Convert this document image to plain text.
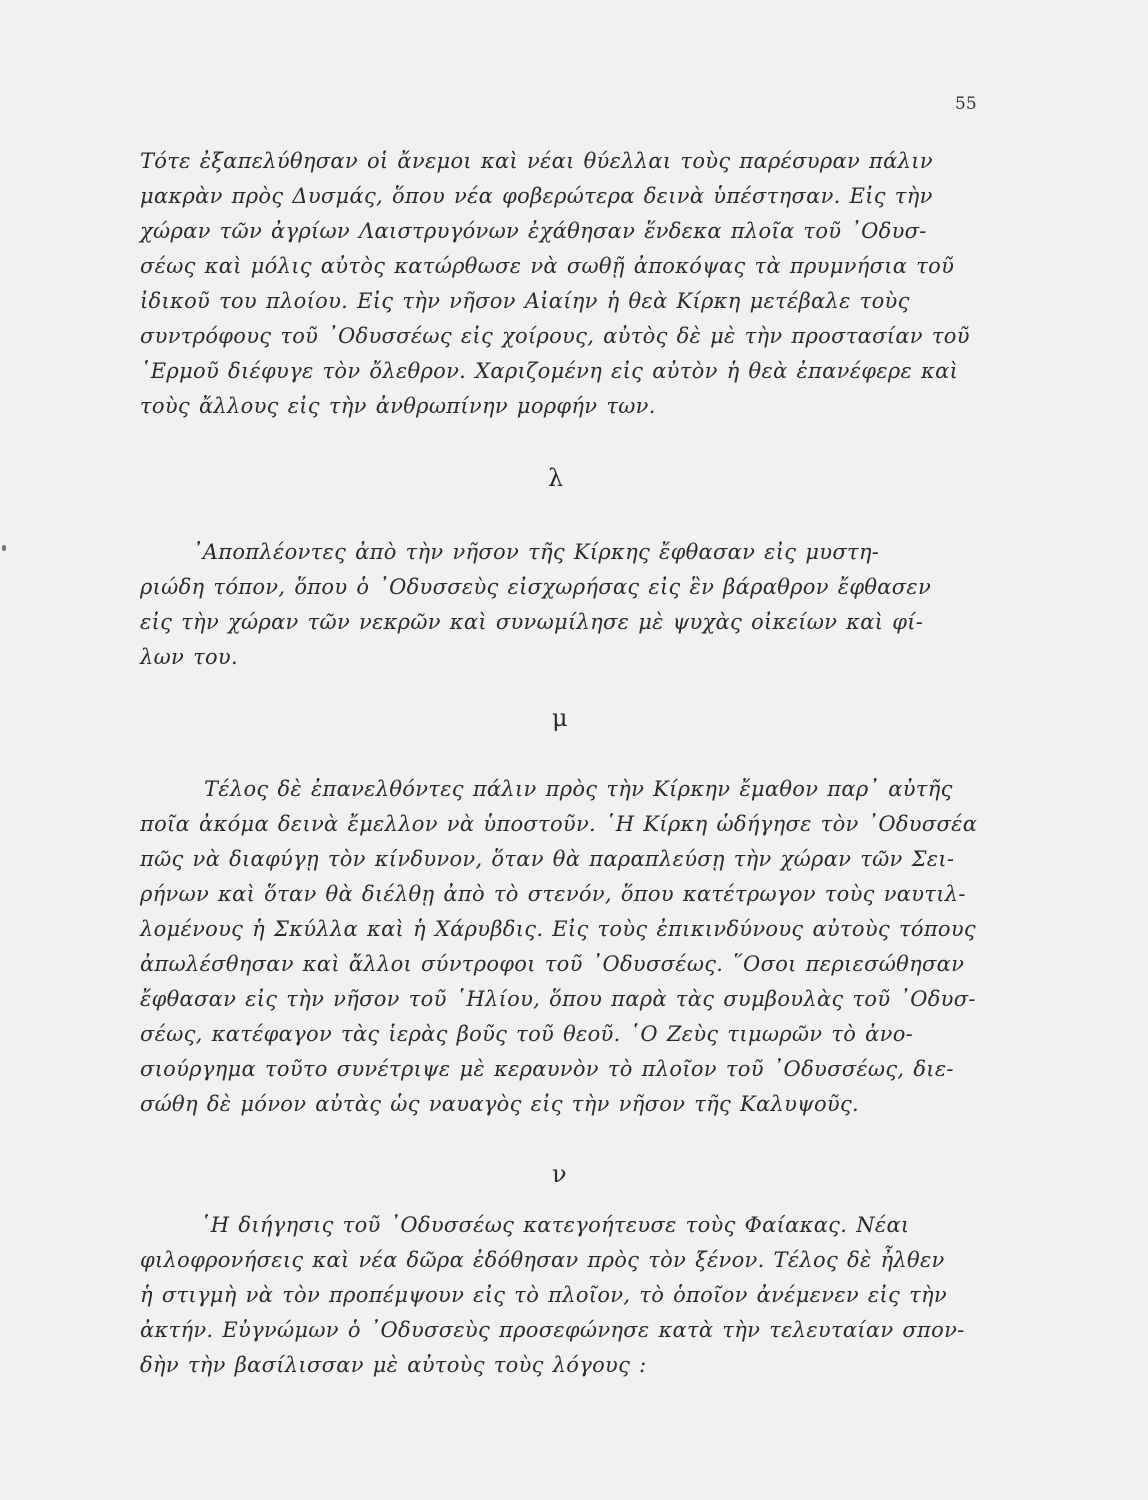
55
Τότε ἐξαπελύθησαν οἱ ἄνεμοι καὶ νέαι θύελλαι τοὺς παρέσυραν πάλιν
μακρὰν πρὸς Δυσμάς, ὅπου νέα φοβερώτερα δεινὰ ὑπέστησαν. Εἰς τὴν
χώραν τῶν ἀγρίων Λαιστρυγόνων ἐχάθησαν ἕνδεκα πλοῖα τοῦ ᾿Οδυσ-
σέως καὶ μόλις αὐτὸς κατώρθωσε νὰ σωθῇ ἀποκόψας τὰ πρυμνήσια τοῦ
ἰδικοῦ του πλοίου. Εἰς τὴν νῆσον Αἰαίην ἡ θεὰ Κίρκη μετέβαλε τοὺς
συντρόφους τοῦ ᾿Οδυσσέως εἰς χοίρους, αὐτὸς δὲ μὲ τὴν προστασίαν τοῦ
῾Ερμοῦ διέφυγε τὸν ὄλεθρον. Χαριζομένη εἰς αὐτὸν ἡ θεὰ ἐπανέφερε καὶ
τοὺς ἄλλους εἰς τὴν ἀνθρωπίνην μορφήν των.
λ
᾿Αποπλέοντες ἀπὸ τὴν νῆσον τῆς Κίρκης ἔφθασαν εἰς μυστη-
ριώδη τόπον, ὅπου ὁ ᾿Οδυσσεὺς εἰσχωρήσας εἰς ἓν βάραθρον ἔφθασεν
εἰς τὴν χώραν τῶν νεκρῶν καὶ συνωμίλησε μὲ ψυχὰς οἰκείων καὶ φί-
λων του.
μ
Τέλος δὲ ἐπανελθόντες πάλιν πρὸς τὴν Κίρκην ἔμαθον παρ᾿ αὐτῆς
ποῖα ἀκόμα δεινὰ ἔμελλον νὰ ὑποστοῦν. ῾Η Κίρκη ὡδήγησε τὸν ᾿Οδυσσέα
πῶς νὰ διαφύγῃ τὸν κίνδυνον, ὅταν θὰ παραπλεύσῃ τὴν χώραν τῶν Σει-
ρήνων καὶ ὅταν θὰ διέλθῃ ἀπὸ τὸ στενόν, ὅπου κατέτρωγον τοὺς ναυτιλ-
λομένους ἡ Σκύλλα καὶ ἡ Χάρυβδις. Εἰς τοὺς ἐπικινδύνους αὐτοὺς τόπους
ἀπωλέσθησαν καὶ ἄλλοι σύντροφοι τοῦ ᾿Οδυσσέως. ῞Οσοι περιεσώθησαν
ἔφθασαν εἰς τὴν νῆσον τοῦ ῾Ηλίου, ὅπου παρὰ τὰς συμβουλὰς τοῦ ᾿Οδυσ-
σέως, κατέφαγον τὰς ἱερὰς βοῦς τοῦ θεοῦ. ῾Ο Ζεὺς τιμωρῶν τὸ ἀνο-
σιούργημα τοῦτο συνέτριψε μὲ κεραυνὸν τὸ πλοῖον τοῦ ᾿Οδυσσέως, διε-
σώθη δὲ μόνον αὐτὰς ὡς ναυαγὸς εἰς τὴν νῆσον τῆς Καλυψοῦς.
ν
῾Η διήγησις τοῦ ᾿Οδυσσέως κατεγοήτευσε τοὺς Φαίακας. Νέαι
φιλοφρονήσεις καὶ νέα δῶρα ἐδόθησαν πρὸς τὸν ξένον. Τέλος δὲ ἦλθεν
ἡ στιγμὴ νὰ τὸν προπέμψουν εἰς τὸ πλοῖον, τὸ ὁποῖον ἀνέμενεν εἰς τὴν
ἀκτήν. Εὐγνώμων ὁ ᾿Οδυσσεὺς προσεφώνησε κατὰ τὴν τελευταίαν σπον-
δὴν τὴν βασίλισσαν μὲ αὐτοὺς τοὺς λόγους :
